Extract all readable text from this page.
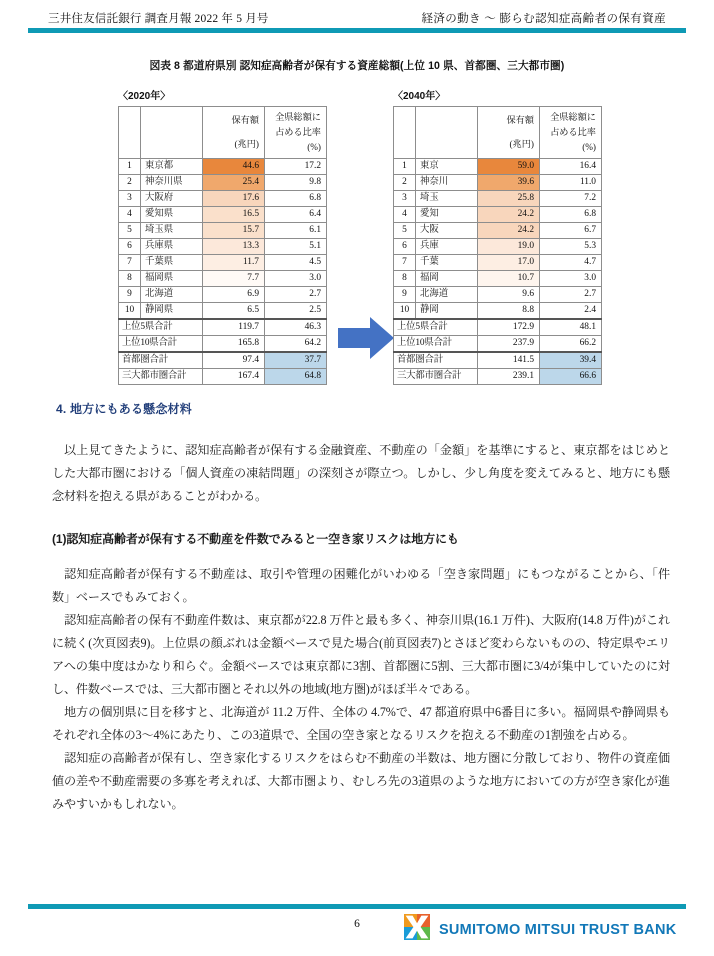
三井住友信託銀行 調査月報 2022 年 5 月号	経済の動き ～ 膨らむ認知症高齢者の保有資産
図表 8 都道府県別 認知症高齢者が保有する資産総額(上位 10 県、首都圏、三大都市圏)
〈2020年〉

保有額
(兆円)

全県総額に
占める比率
(%)

1	東京都	44.6	17.2
2	神奈川県	25.4	9.8
3	大阪府	17.6	6.8
4	愛知県	16.5	6.4
5	埼玉県	15.7	6.1
6	兵庫県	13.3	5.1
7	千葉県	11.7	4.5
8	福岡県	7.7	3.0
9	北海道	6.9	2.7
10	静岡県	6.5	2.5
上位5県合計		119.7	46.3
上位10県合計		165.8	64.2
首都圏合計		97.4	37.7
三大都市圏合計		167.4	64.8
〈2040年〉

保有額
(兆円)

全県総額に
占める比率
(%)

1	東京	59.0	16.4
2	神奈川	39.6	11.0
3	埼玉	25.8	7.2
4	愛知	24.2	6.8
5	大阪	24.2	6.7
6	兵庫	19.0	5.3
7	千葉	17.0	4.7
8	福岡	10.7	3.0
9	北海道	9.6	2.7
10	静岡	8.8	2.4
上位5県合計		172.9	48.1
上位10県合計		237.9	66.2
首都圏合計		141.5	39.4
三大都市圏合計		239.1	66.6
4. 地方にもある懸念材料

以上見てきたように、認知症高齢者が保有する金融資産、不動産の「金額」を基準にすると、東京都をはじめとした大都市圏における「個人資産の凍結問題」の深刻さが際立つ。しかし、少し角度を変えてみると、地方にも懸念材料を抱える県があることがわかる。

(1)認知症高齢者が保有する不動産を件数でみると一空き家リスクは地方にも

認知症高齢者が保有する不動産は、取引や管理の困難化がいわゆる「空き家問題」にもつながることから、「件数」ベースでもみておく。

認知症高齢者の保有不動産件数は、東京都が22.8 万件と最も多く、神奈川県(16.1 万件)、大阪府(14.8 万件)がこれに続く(次頁図表9)。上位県の顔ぶれは金額ベースで見た場合(前頁図表7)とさほど変わらないものの、特定県やエリアへの集中度はかなり和らぐ。金額ベースでは東京都に3割、首都圏に5割、三大都市圏に3/4が集中していたのに対し、件数ベースでは、三大都市圏とそれ以外の地域(地方圏)がほぼ半々である。

地方の個別県に目を移すと、北海道が 11.2 万件、全体の 4.7%で、47 都道府県中6番目に多い。福岡県や静岡県もそれぞれ全体の3～4%にあたり、この3道県で、全国の空き家となるリスクを抱える不動産の1割強を占める。

認知症の高齢者が保有し、空き家化するリスクをはらむ不動産の半数は、地方圏に分散しており、物件の資産価値の差や不動産需要の多寡を考えれば、大都市圏より、むしろ先の3道県のような地方においての方が空き家化が進みやすいかもしれない。

6	SUMITOMO MITSUI TRUST BANK
